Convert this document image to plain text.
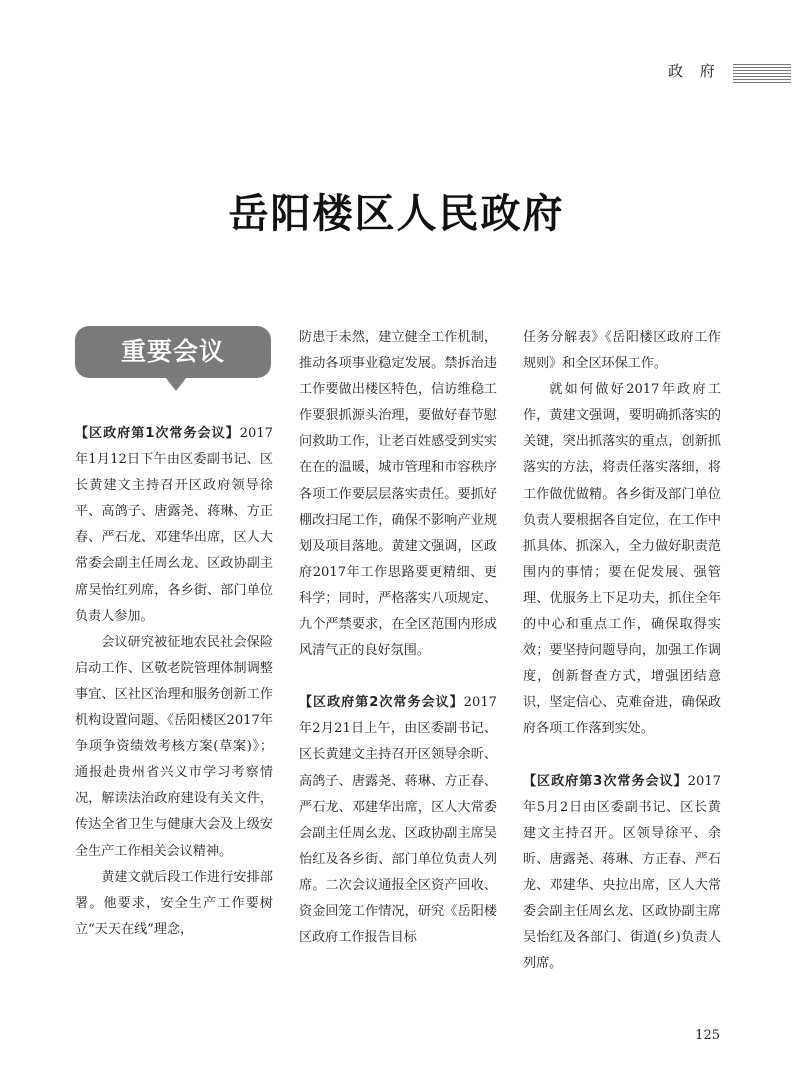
政 府
岳阳楼区人民政府
重要会议

【区政府第1次常务会议】2017年1月12日下午由区委副书记、区长黄建文主持召开区政府领导徐平、高鸽子、唐露尧、蒋琳、方正春、严石龙、邓建华出席，区人大常委会副主任周幺龙、区政协副主席吴怡红列席，各乡街、部门单位负责人参加。

会议研究被征地农民社会保险启动工作、区敬老院管理体制调整事宜、区社区治理和服务创新工作机构设置问题、《岳阳楼区2017年争项争资绩效考核方案(草案)》；通报赴贵州省兴义市学习考察情况，解读法治政府建设有关文件，传达全省卫生与健康大会及上级安全生产工作相关会议精神。

黄建文就后段工作进行安排部署。他要求，安全生产工作要树立“天天在线”理念，

防患于未然，建立健全工作机制，推动各项事业稳定发展。禁拆治违工作要做出楼区特色，信访维稳工作要狠抓源头治理，要做好春节慰问救助工作，让老百姓感受到实实在在的温暖，城市管理和市容秩序各项工作要层层落实责任。要抓好棚改扫尾工作，确保不影响产业规划及项目落地。黄建文强调，区政府2017年工作思路要更精细、更科学；同时，严格落实八项规定、九个严禁要求，在全区范围内形成风清气正的良好氛围。

【区政府第2次常务会议】2017年2月21日上午，由区委副书记、区长黄建文主持召开区领导余昕、高鸽子、唐露尧、蒋琳、方正春、严石龙、邓建华出席，区人大常委会副主任周幺龙、区政协副主席吴怡红及各乡街、部门单位负责人列席。二次会议通报全区资产回收、资金回笼工作情况，研究《岳阳楼区政府工作报告目标

任务分解表》《岳阳楼区政府工作规则》和全区环保工作。

就如何做好2017年政府工作，黄建文强调，要明确抓落实的关键，突出抓落实的重点，创新抓落实的方法，将责任落实落细，将工作做优做精。各乡街及部门单位负责人要根据各自定位，在工作中抓具体、抓深入，全力做好职责范围内的事情；要在促发展、强管理、优服务上下足功夫，抓住全年的中心和重点工作，确保取得实效；要坚持问题导向，加强工作调度，创新督查方式，增强团结意识，坚定信心、克难奋进，确保政府各项工作落到实处。

【区政府第3次常务会议】2017年5月2日由区委副书记、区长黄建文主持召开。区领导徐平、余昕、唐露尧、蒋琳、方正春、严石龙、邓建华、央拉出席，区人大常委会副主任周幺龙、区政协副主席吴怡红及各部门、街道(乡)负责人列席。

125
